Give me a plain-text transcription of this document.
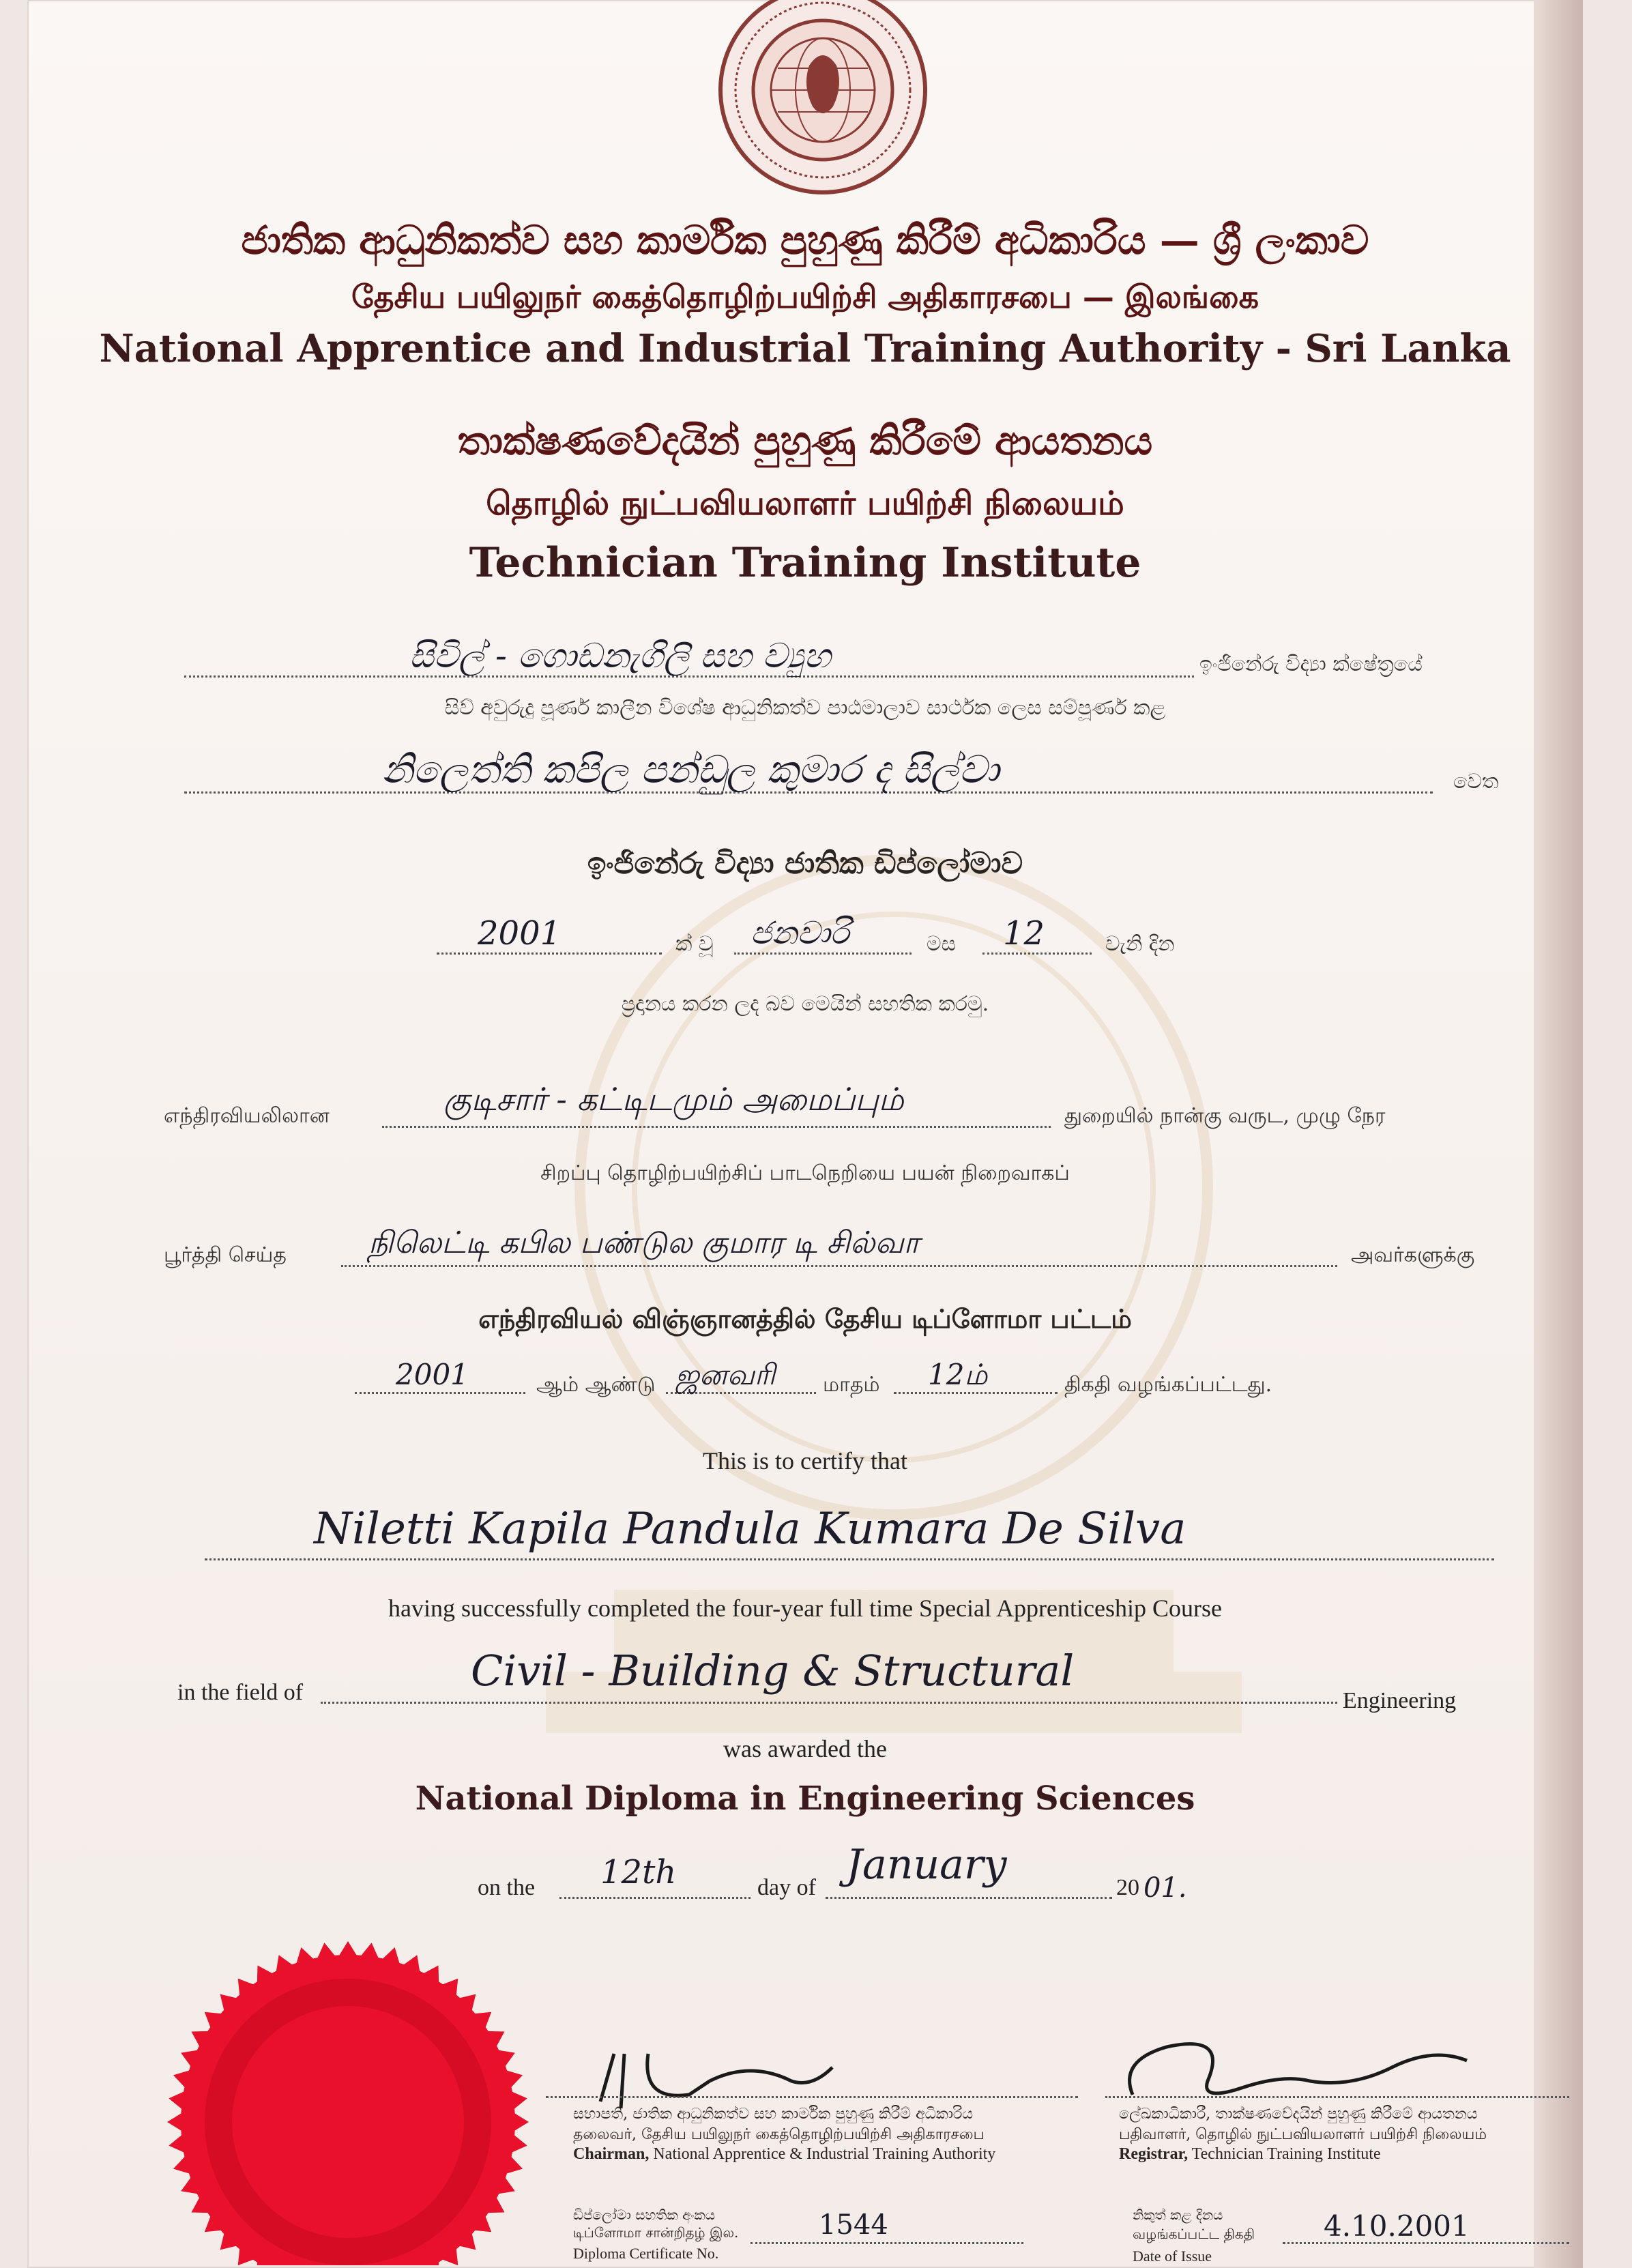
ජාතික ආධුනිකත්ව සහ කාර්මික පුහුණු කිරීම් අධිකාරිය — ශ්‍රී ලංකාව
தேசிய பயிலுநர் கைத்தொழிற்பயிற்சி அதிகாரசபை — இலங்கை
National Apprentice and Industrial Training Authority - Sri Lanka
තාක්ෂණවේදයින් පුහුණු කිරීමේ ආයතනය
தொழில் நுட்பவியலாளர் பயிற்சி நிலையம்
Technician Training Institute
සිවිල් - ගොඩනැගිලි සහ ව්‍යුහ	ඉංජිනේරු විද්‍යා ක්ෂේත්‍රයේ
සිව් අවුරුදු පූර්ණ කාලීන විශේෂ ආධුනිකත්ව පාඨමාලාව සාර්ථක ලෙස සම්පූර්ණ කළ
නිලෙත්ති කපිල පන්ඩුල කුමාර ද සිල්වා	වෙත
ඉංජිනේරු විද්‍යා ජාතික ඩිප්ලෝමාව
2001	ක් වූ ජනවාරි	මස 12	වැනි දින
ප්‍රදානය කරන ලද බව මෙයින් සහතික කරමු.
எந்திரவியலிலான	குடிசார் - கட்டிடமும் அமைப்பும்	துறையில் நான்கு வருட, முழு நேர
சிறப்பு தொழிற்பயிற்சிப் பாடநெறியை பயன் நிறைவாகப்
பூர்த்தி செய்த	நிலெட்டி கபில பண்டுல குமார டி சில்வா	அவர்களுக்கு
எந்திரவியல் விஞ்ஞானத்தில் தேசிய டிப்ளோமா பட்டம்
2001	ஆம் ஆண்டு ஜனவரி மாதம் 12ம்	திகதி வழங்கப்பட்டது.
This is to certify that
Niletti Kapila Pandula Kumara De Silva
having successfully completed the four-year full time Special Apprenticeship Course
in the field of	Civil - Building & Structural
Engineering
was awarded the
National Diploma in Engineering Sciences
on the 12th	day of January	20 01.
සභාපති, ජාතික ආධුනිකත්ව සහ කාර්මික පුහුණු කිරීම් අධිකාරිය
தலைவர், தேசிய பயிலுநர் கைத்தொழிற்பயிற்சி அதிகாரசபை
Chairman, National Apprentice & Industrial Training Authority
ලේඛකාධිකාරී, තාක්ෂණවේදයින් පුහුණු කිරීමේ ආයතනය
பதிவாளர், தொழில் நுட்பவியலாளர் பயிற்சி நிலையம்
Registrar, Technician Training Institute
ඩිප්ලෝමා සහතික අංකය
டிப்ளோமா சான்றிதழ் இல.
Diploma Certificate No.
1544	නිකුත් කළ දිනය
வழங்கப்பட்ட திகதி
Date of Issue
4.10.2001
